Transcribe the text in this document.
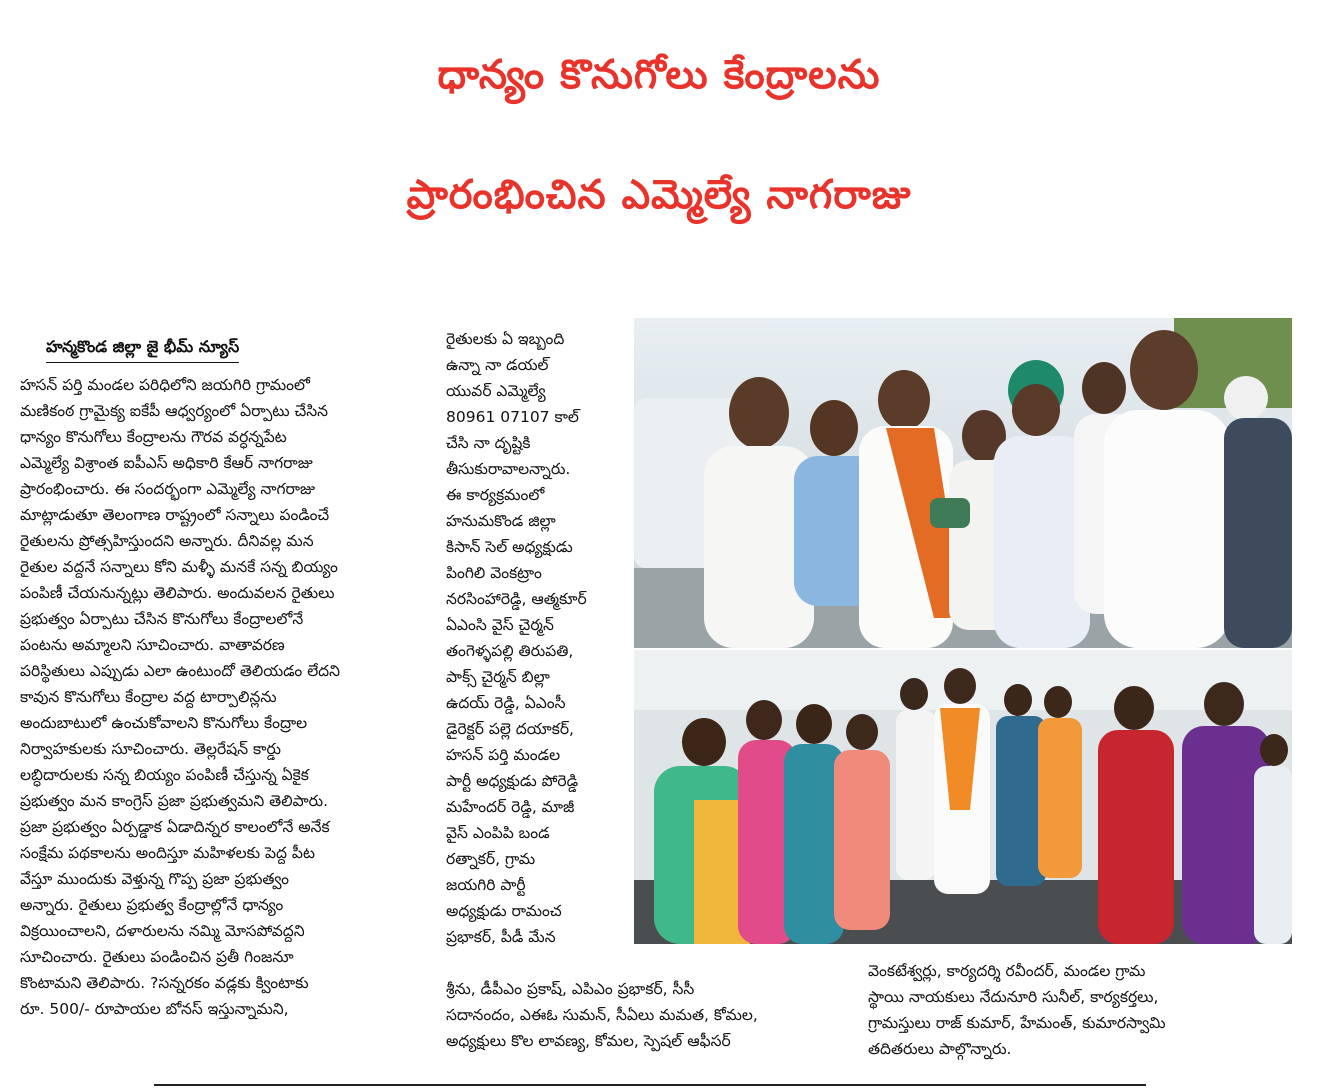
ధాన్యం కొనుగోలు కేంద్రాలను
ప్రారంభించిన ఎమ్మెల్యే నాగరాజు
హన్మకొండ జిల్లా జై భీమ్ న్యూస్
హసన్ పర్తి మండల పరిధిలోని జయగిరి గ్రామంలో
మణికంఠ గ్రామైక్య ఐకేపీ ఆధ్వర్యంలో ఏర్పాటు చేసిన
ధాన్యం కొనుగోలు కేంద్రాలను గౌరవ వర్ధన్నపేట
ఎమ్మెల్యే విశ్రాంత ఐపీఎస్ అధికారి కేఆర్ నాగరాజు
ప్రారంభించారు. ఈ సందర్భంగా ఎమ్మెల్యే నాగరాజు
మాట్లాడుతూ తెలంగాణ రాష్ట్రంలో సన్నాలు పండించే
రైతులను ప్రోత్సహిస్తుందని అన్నారు. దీనివల్ల మన
రైతుల వద్దనే సన్నాలు కోని మళ్ళీ మనకే సన్న బియ్యం
పంపిణీ చేయనున్నట్లు తెలిపారు. అందువలన రైతులు
ప్రభుత్వం ఏర్పాటు చేసిన కొనుగోలు కేంద్రాలలోనే
పంటను అమ్మాలని సూచించారు. వాతావరణ
పరిస్థితులు ఎప్పుడు ఎలా ఉంటుందో తెలియడం లేదని
కావున కొనుగోలు కేంద్రాల వద్ద టార్పాలిన్లను
అందుబాటులో ఉంచుకోవాలని కొనుగోలు కేంద్రాల
నిర్వాహకులకు సూచించారు. తెల్లరేషన్ కార్డు
లబ్ధిదారులకు సన్న బియ్యం పంపిణీ చేస్తున్న ఏకైక
ప్రభుత్వం మన కాంగ్రెస్ ప్రజా ప్రభుత్వమని తెలిపారు.
ప్రజా ప్రభుత్వం ఏర్పడ్డాక ఏడాదిన్నర కాలంలోనే అనేక
సంక్షేమ పథకాలను అందిస్తూ మహిళలకు పెద్ద పీట
వేస్తూ ముందుకు వెళ్తున్న గొప్ప ప్రజా ప్రభుత్వం
అన్నారు. రైతులు ప్రభుత్వ కేంద్రాల్లోనే ధాన్యం
విక్రయించాలని, దళారులను నమ్మి మోసపోవద్దని
సూచించారు. రైతులు పండించిన ప్రతీ గింజనూ
కొంటామని తెలిపారు. ?సన్నరకం వడ్లకు క్వింటాకు
రూ. 500/- రూపాయల బోనస్ ఇస్తున్నామని,
రైతులకు ఏ ఇబ్బంది
ఉన్నా నా డయల్
యువర్ ఎమ్మెల్యే
80961 07107 కాల్
చేసి నా దృష్టికి
తీసుకురావాలన్నారు.
ఈ కార్యక్రమంలో
హనుమకొండ జిల్లా
కిసాన్ సెల్ అధ్యక్షుడు
పింగిలి వెంకట్రాం
నరసింహారెడ్డి, ఆత్మకూర్
ఏఎంసి వైస్ చైర్మన్
తంగెళ్ళపల్లి తిరుపతి,
పాక్స్ చైర్మన్ బిల్లా
ఉదయ్ రెడ్డి, ఏఎంసీ
డైరెక్టర్ పల్లె దయాకర్,
హసన్ పర్తి మండల
పార్టీ అధ్యక్షుడు పోరెడ్డి
మహేందర్ రెడ్డి, మాజీ
వైస్ ఎంపిపి బండ
రత్నాకర్, గ్రామ
జయగిరి పార్టీ
అధ్యక్షుడు రామంచ
ప్రభాకర్, పీడీ మేన
శ్రీను, డీపీఎం ప్రకాష్, ఎపిఎం ప్రభాకర్, సీసీ
సదానందం, ఎఈఓ సుమన్, సీఏలు మమత, కోమల,
అధ్యక్షులు కొల లావణ్య, కోమల, స్పెషల్ ఆఫీసర్
వెంకటేశ్వర్లు, కార్యదర్శి రవీందర్, మండల గ్రామ
స్థాయి నాయకులు నేదునూరి సునీల్, కార్యకర్తలు,
గ్రామస్తులు రాజ్ కుమార్, హేమంత్, కుమారస్వామి
తదితరులు పాల్గొన్నారు.
